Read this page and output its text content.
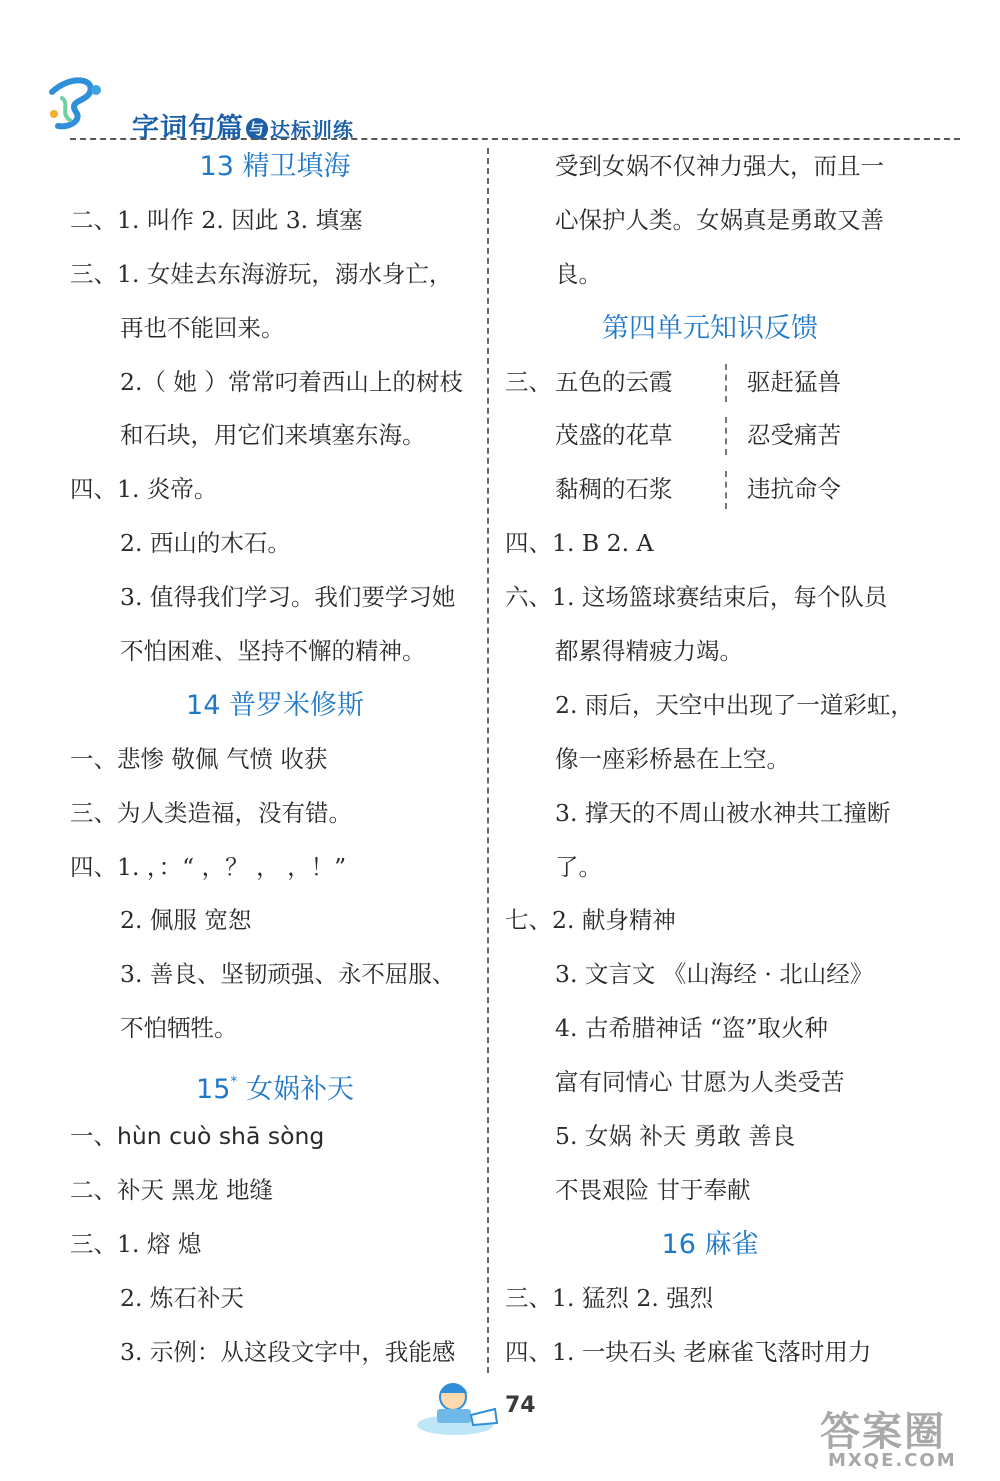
字词句篇 与 达标训练
13 精卫填海
二、1. 叫作 2. 因此 3. 填塞
三、1. 女娃去东海游玩，溺水身亡，
再也不能回来。
2.（ 她 ）常常叼着西山上的树枝
和石块，用它们来填塞东海。
四、1. 炎帝。
2. 西山的木石。
3. 值得我们学习。我们要学习她
不怕困难、坚持不懈的精神。
14 普罗米修斯
一、悲惨 敬佩 气愤 收获
三、为人类造福，没有错。
四、1. ，：“ ，？ ， ，！”
2. 佩服 宽恕
3. 善良、坚韧顽强、永不屈服、
不怕牺牲。
15* 女娲补天
一、hùn cuò shā sòng
二、补天 黑龙 地缝
三、1. 熔 熄
2. 炼石补天
3. 示例：从这段文字中，我能感
受到女娲不仅神力强大，而且一
心保护人类。女娲真是勇敢又善
良。
第四单元知识反馈
三、 五色的云霞	驱赶猛兽
茂盛的花草	忍受痛苦
黏稠的石浆	违抗命令
四、1. B 2. A
六、1. 这场篮球赛结束后，每个队员
都累得精疲力竭。
2. 雨后，天空中出现了一道彩虹，
像一座彩桥悬在上空。
3. 撑天的不周山被水神共工撞断
了。
七、2. 献身精神
3. 文言文 《山海经 · 北山经》
4. 古希腊神话 “盗”取火种
富有同情心 甘愿为人类受苦
5. 女娲 补天 勇敢 善良
不畏艰险 甘于奉献
16 麻雀
三、1. 猛烈 2. 强烈
四、1. 一块石头 老麻雀飞落时用力
74
答案圈
MXQE.COM
